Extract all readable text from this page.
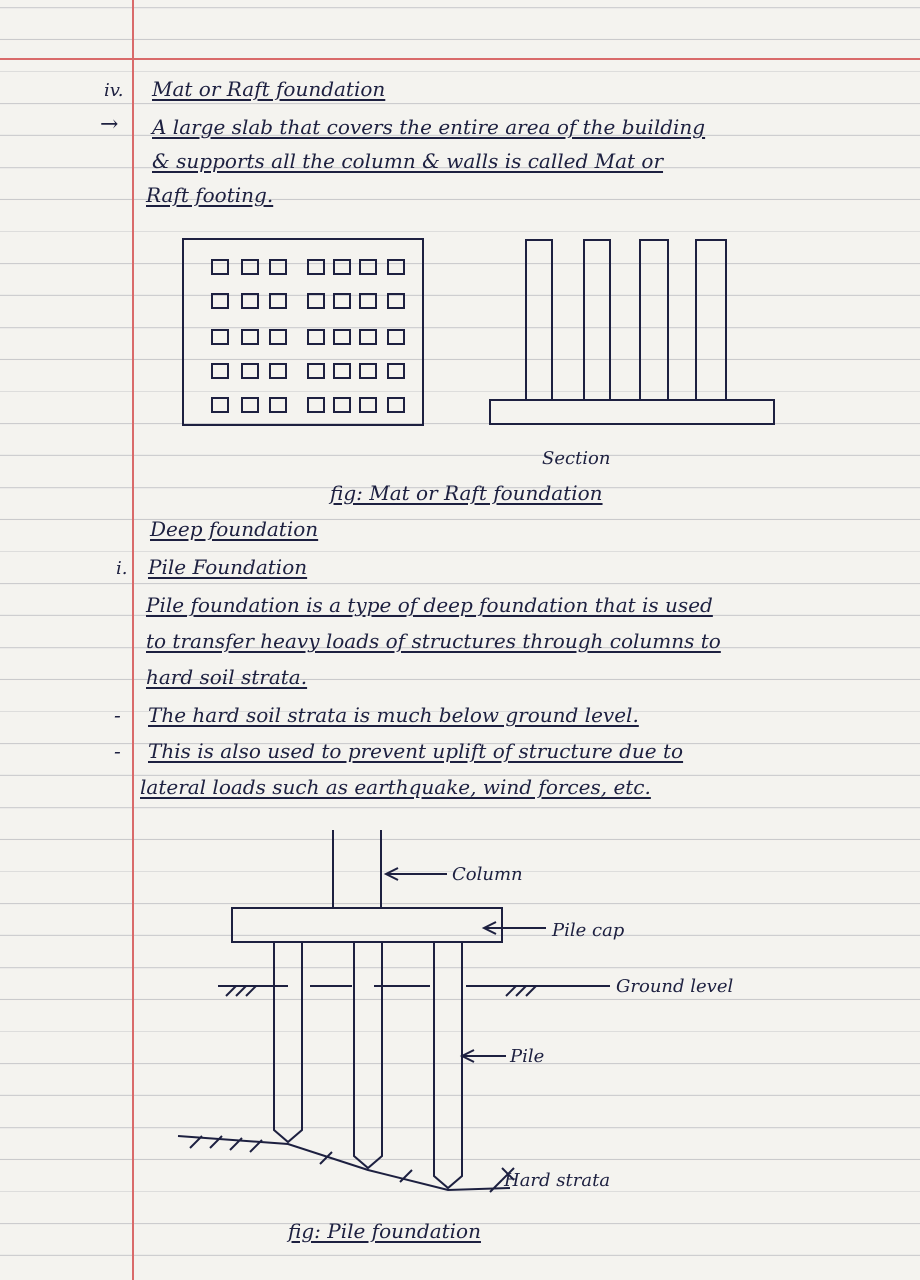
iv. Mat or Raft foundation
→ A large slab that covers the entire area of the building
& supports all the column & walls is called Mat or
Raft footing.
Section
fig: Mat or Raft foundation
Deep foundation
i. Pile Foundation
Pile foundation is a type of deep foundation that is used
to transfer heavy loads of structures through columns to
hard soil strata.
- The hard soil strata is much below ground level.
- This is also used to prevent uplift of structure due to
lateral loads such as earthquake, wind forces, etc.
Column
Pile cap
Ground level
Pile
Hard strata
fig: Pile foundation
